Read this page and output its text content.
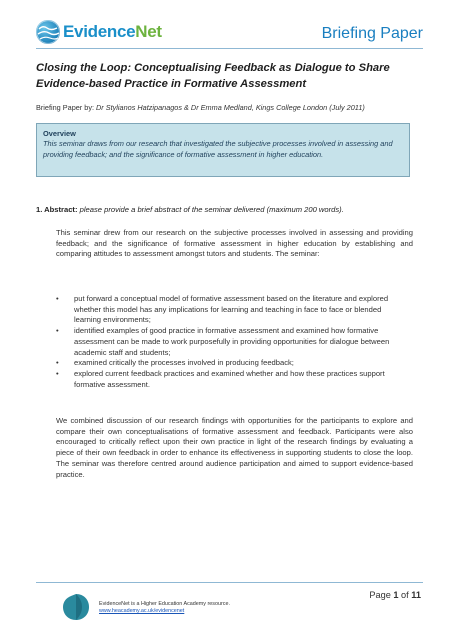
EvidenceNet	Briefing Paper
Closing the Loop: Conceptualising Feedback as Dialogue to Share Evidence-based Practice in Formative Assessment
Briefing Paper by: Dr Stylianos Hatzipanagos & Dr Emma Medland, Kings College London (July 2011)
Overview
This seminar draws from our research that investigated the subjective processes involved in assessing and providing feedback; and the significance of formative assessment in higher education.
1. Abstract: please provide a brief abstract of the seminar delivered (maximum 200 words).
This seminar drew from our research on the subjective processes involved in assessing and providing feedback; and the significance of formative assessment in higher education by establishing and comparing attitudes to assessment amongst tutors and students. The seminar:
• put forward a conceptual model of formative assessment based on the literature and explored whether this model has any implications for learning and teaching in face to face or blended learning environments;
• identified examples of good practice in formative assessment and examined how formative assessment can be made to work purposefully in providing opportunities for dialogue between academic staff and students;
• examined critically the processes involved in producing feedback;
• explored current feedback practices and examined whether and how these practices support formative assessment.
We combined discussion of our research findings with opportunities for the participants to explore and compare their own conceptualisations of formative assessment and feedback. Participants were also encouraged to critically reflect upon their own practice in light of the research findings by evaluating a piece of their own feedback in order to enhance its effectiveness in supporting students to close the loop. The seminar was therefore centred around audience participation and aimed to support evidence-based practice.
EvidenceNet is a Higher Education Academy resource.
www.heacademy.ac.uk/evidencenet
Page 1 of 11
